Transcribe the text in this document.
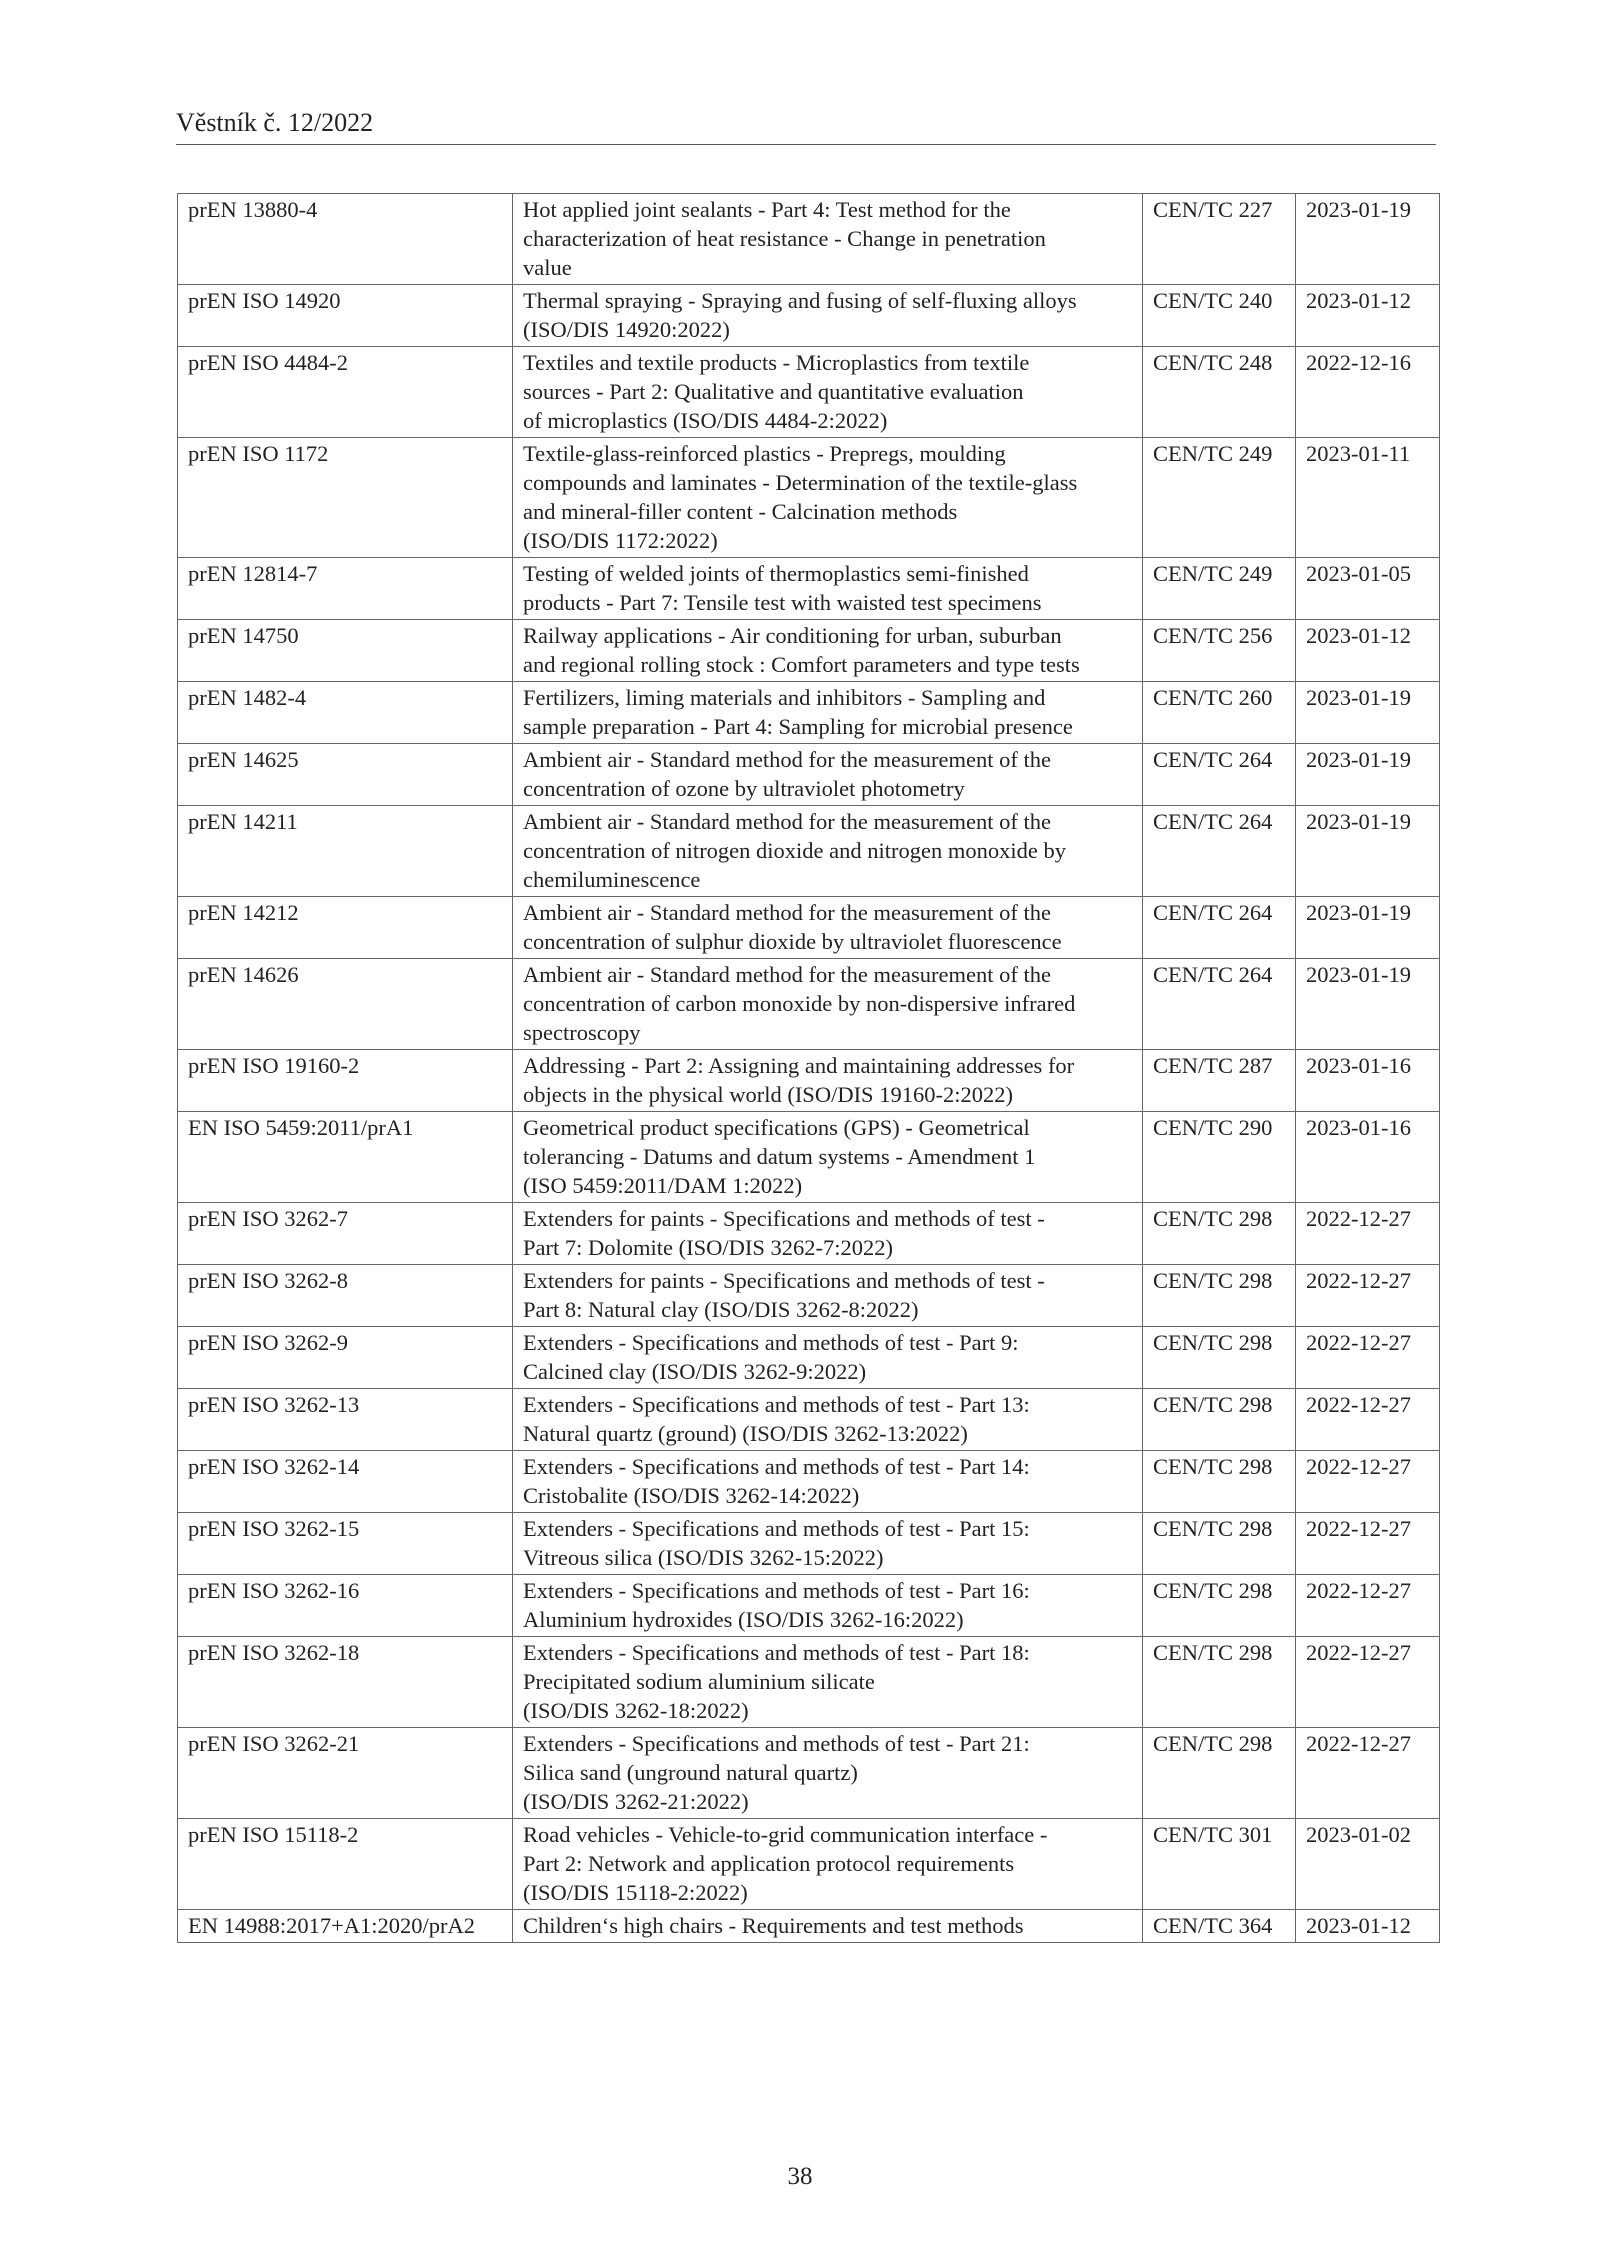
Věstník č. 12/2022
prEN 13880-4	Hot applied joint sealants - Part 4: Test method for the
characterization of heat resistance - Change in penetration
value	CEN/TC 227	2023-01-19
prEN ISO 14920	Thermal spraying - Spraying and fusing of self-fluxing alloys
(ISO/DIS 14920:2022)	CEN/TC 240	2023-01-12
prEN ISO 4484-2	Textiles and textile products - Microplastics from textile
sources - Part 2: Qualitative and quantitative evaluation
of microplastics (ISO/DIS 4484-2:2022)	CEN/TC 248	2022-12-16
prEN ISO 1172	Textile-glass-reinforced plastics - Prepregs, moulding
compounds and laminates - Determination of the textile-glass
and mineral-filler content - Calcination methods
(ISO/DIS 1172:2022)	CEN/TC 249	2023-01-11
prEN 12814-7	Testing of welded joints of thermoplastics semi-finished
products - Part 7: Tensile test with waisted test specimens	CEN/TC 249	2023-01-05
prEN 14750	Railway applications - Air conditioning for urban, suburban
and regional rolling stock : Comfort parameters and type tests	CEN/TC 256	2023-01-12
prEN 1482-4	Fertilizers, liming materials and inhibitors - Sampling and
sample preparation - Part 4: Sampling for microbial presence	CEN/TC 260	2023-01-19
prEN 14625	Ambient air - Standard method for the measurement of the
concentration of ozone by ultraviolet photometry	CEN/TC 264	2023-01-19
prEN 14211	Ambient air - Standard method for the measurement of the
concentration of nitrogen dioxide and nitrogen monoxide by
chemiluminescence	CEN/TC 264	2023-01-19
prEN 14212	Ambient air - Standard method for the measurement of the
concentration of sulphur dioxide by ultraviolet fluorescence	CEN/TC 264	2023-01-19
prEN 14626	Ambient air - Standard method for the measurement of the
concentration of carbon monoxide by non-dispersive infrared
spectroscopy	CEN/TC 264	2023-01-19
prEN ISO 19160-2	Addressing - Part 2: Assigning and maintaining addresses for
objects in the physical world (ISO/DIS 19160-2:2022)	CEN/TC 287	2023-01-16
EN ISO 5459:2011/prA1	Geometrical product specifications (GPS) - Geometrical
tolerancing - Datums and datum systems - Amendment 1
(ISO 5459:2011/DAM 1:2022)	CEN/TC 290	2023-01-16
prEN ISO 3262-7	Extenders for paints - Specifications and methods of test -
Part 7: Dolomite (ISO/DIS 3262-7:2022)	CEN/TC 298	2022-12-27
prEN ISO 3262-8	Extenders for paints - Specifications and methods of test -
Part 8: Natural clay (ISO/DIS 3262-8:2022)	CEN/TC 298	2022-12-27
prEN ISO 3262-9	Extenders - Specifications and methods of test - Part 9:
Calcined clay (ISO/DIS 3262-9:2022)	CEN/TC 298	2022-12-27
prEN ISO 3262-13	Extenders - Specifications and methods of test - Part 13:
Natural quartz (ground) (ISO/DIS 3262-13:2022)	CEN/TC 298	2022-12-27
prEN ISO 3262-14	Extenders - Specifications and methods of test - Part 14:
Cristobalite (ISO/DIS 3262-14:2022)	CEN/TC 298	2022-12-27
prEN ISO 3262-15	Extenders - Specifications and methods of test - Part 15:
Vitreous silica (ISO/DIS 3262-15:2022)	CEN/TC 298	2022-12-27
prEN ISO 3262-16	Extenders - Specifications and methods of test - Part 16:
Aluminium hydroxides (ISO/DIS 3262-16:2022)	CEN/TC 298	2022-12-27
prEN ISO 3262-18	Extenders - Specifications and methods of test - Part 18:
Precipitated sodium aluminium silicate
(ISO/DIS 3262-18:2022)	CEN/TC 298	2022-12-27
prEN ISO 3262-21	Extenders - Specifications and methods of test - Part 21:
Silica sand (unground natural quartz)
(ISO/DIS 3262-21:2022)	CEN/TC 298	2022-12-27
prEN ISO 15118-2	Road vehicles - Vehicle-to-grid communication interface -
Part 2: Network and application protocol requirements
(ISO/DIS 15118-2:2022)	CEN/TC 301	2023-01-02
EN 14988:2017+A1:2020/prA2	Children‘s high chairs - Requirements and test methods	CEN/TC 364	2023-01-12
38
